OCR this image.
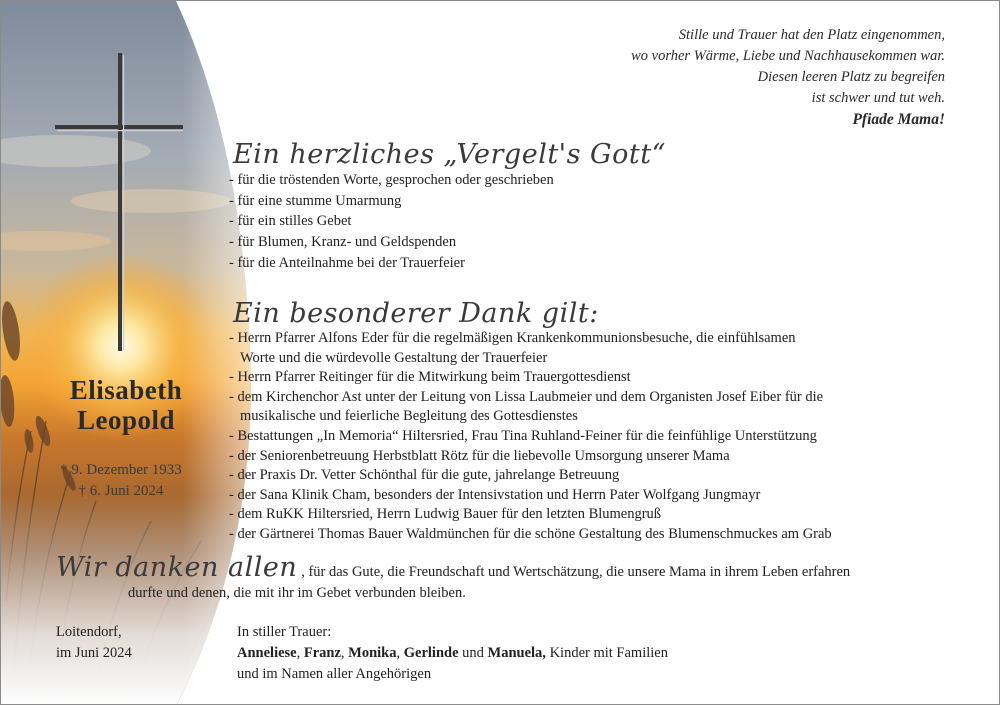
Elisabeth
Leopold
* 9. Dezember 1933
† 6. Juni 2024
Stille und Trauer hat den Platz eingenommen,
wo vorher Wärme, Liebe und Nachhausekommen war.
Diesen leeren Platz zu begreifen
ist schwer und tut weh.
Pfiade Mama!
Ein herzliches „Vergelt's Gott“
- für die tröstenden Worte, gesprochen oder geschrieben
- für eine stumme Umarmung
- für ein stilles Gebet
- für Blumen, Kranz- und Geldspenden
- für die Anteilnahme bei der Trauerfeier
Ein besonderer Dank gilt:
- Herrn Pfarrer Alfons Eder für die regelmäßigen Krankenkommunionsbesuche, die einfühlsamen
Worte und die würdevolle Gestaltung der Trauerfeier
- Herrn Pfarrer Reitinger für die Mitwirkung beim Trauergottesdienst
- dem Kirchenchor Ast unter der Leitung von Lissa Laubmeier und dem Organisten Josef Eiber für die
musikalische und feierliche Begleitung des Gottesdienstes
- Bestattungen „In Memoria“ Hiltersried, Frau Tina Ruhland-Feiner für die feinfühlige Unterstützung
- der Seniorenbetreuung Herbstblatt Rötz für die liebevolle Umsorgung unserer Mama
- der Praxis Dr. Vetter Schönthal für die gute, jahrelange Betreuung
- der Sana Klinik Cham, besonders der Intensivstation und Herrn Pater Wolfgang Jungmayr
- dem RuKK Hiltersried, Herrn Ludwig Bauer für den letzten Blumengruß
- der Gärtnerei Thomas Bauer Waldmünchen für die schöne Gestaltung des Blumenschmuckes am Grab
Wir danken allen , für das Gute, die Freundschaft und Wertschätzung, die unsere Mama in ihrem Leben erfahren
durfte und denen, die mit ihr im Gebet verbunden bleiben.
Loitendorf,
im Juni 2024
In stiller Trauer:
Anneliese, Franz, Monika, Gerlinde und Manuela, Kinder mit Familien
und im Namen aller Angehörigen
